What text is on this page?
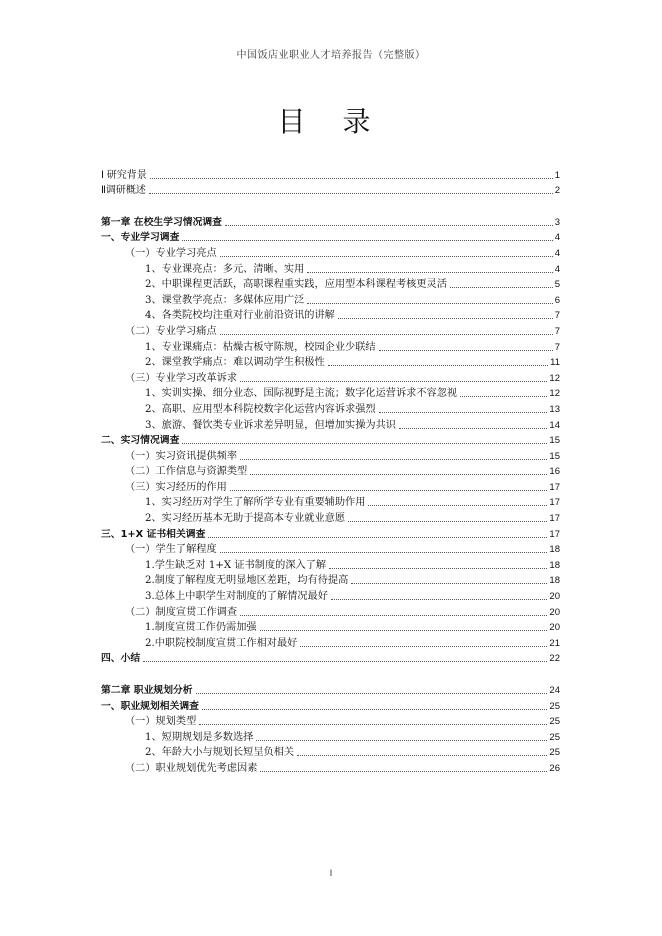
中国饭店业职业人才培养报告（完整版）
目 录
Ⅰ 研究背景	1
Ⅱ调研概述	2
第一章 在校生学习情况调查	3
一、专业学习调查	4
（一）专业学习亮点	4
1、专业课亮点：多元、清晰、实用	4
2、中职课程更活跃，高职课程重实践，应用型本科课程考核更灵活	5
3、课堂教学亮点：多媒体应用广泛	6
4、各类院校均注重对行业前沿资讯的讲解	7
（二）专业学习痛点	7
1、专业课痛点：枯燥古板守陈规，校园企业少联结	7
2、课堂教学痛点：难以调动学生积极性	11
（三）专业学习改革诉求	12
1、实训实操、细分业态、国际视野是主流；数字化运营诉求不容忽视	12
2、高职、应用型本科院校数字化运营内容诉求强烈	13
3、旅游、餐饮类专业诉求差异明显，但增加实操为共识	14
二、实习情况调查	15
（一）实习资讯提供频率	15
（二）工作信息与资源类型	16
（三）实习经历的作用	17
1、实习经历对学生了解所学专业有重要辅助作用	17
2、实习经历基本无助于提高本专业就业意愿	17
三、1+X 证书相关调查	17
（一）学生了解程度	18
1.学生缺乏对 1+X 证书制度的深入了解	18
2.制度了解程度无明显地区差距，均有待提高	18
3.总体上中职学生对制度的了解情况最好	20
（二）制度宣贯工作调查	20
1.制度宣贯工作仍需加强	20
2.中职院校制度宣贯工作相对最好	21
四、小结	22
第二章 职业规划分析	24
一、职业规划相关调查	25
（一）规划类型	25
1、短期规划是多数选择	25
2、年龄大小与规划长短呈负相关	25
（二）职业规划优先考虑因素	26
I
